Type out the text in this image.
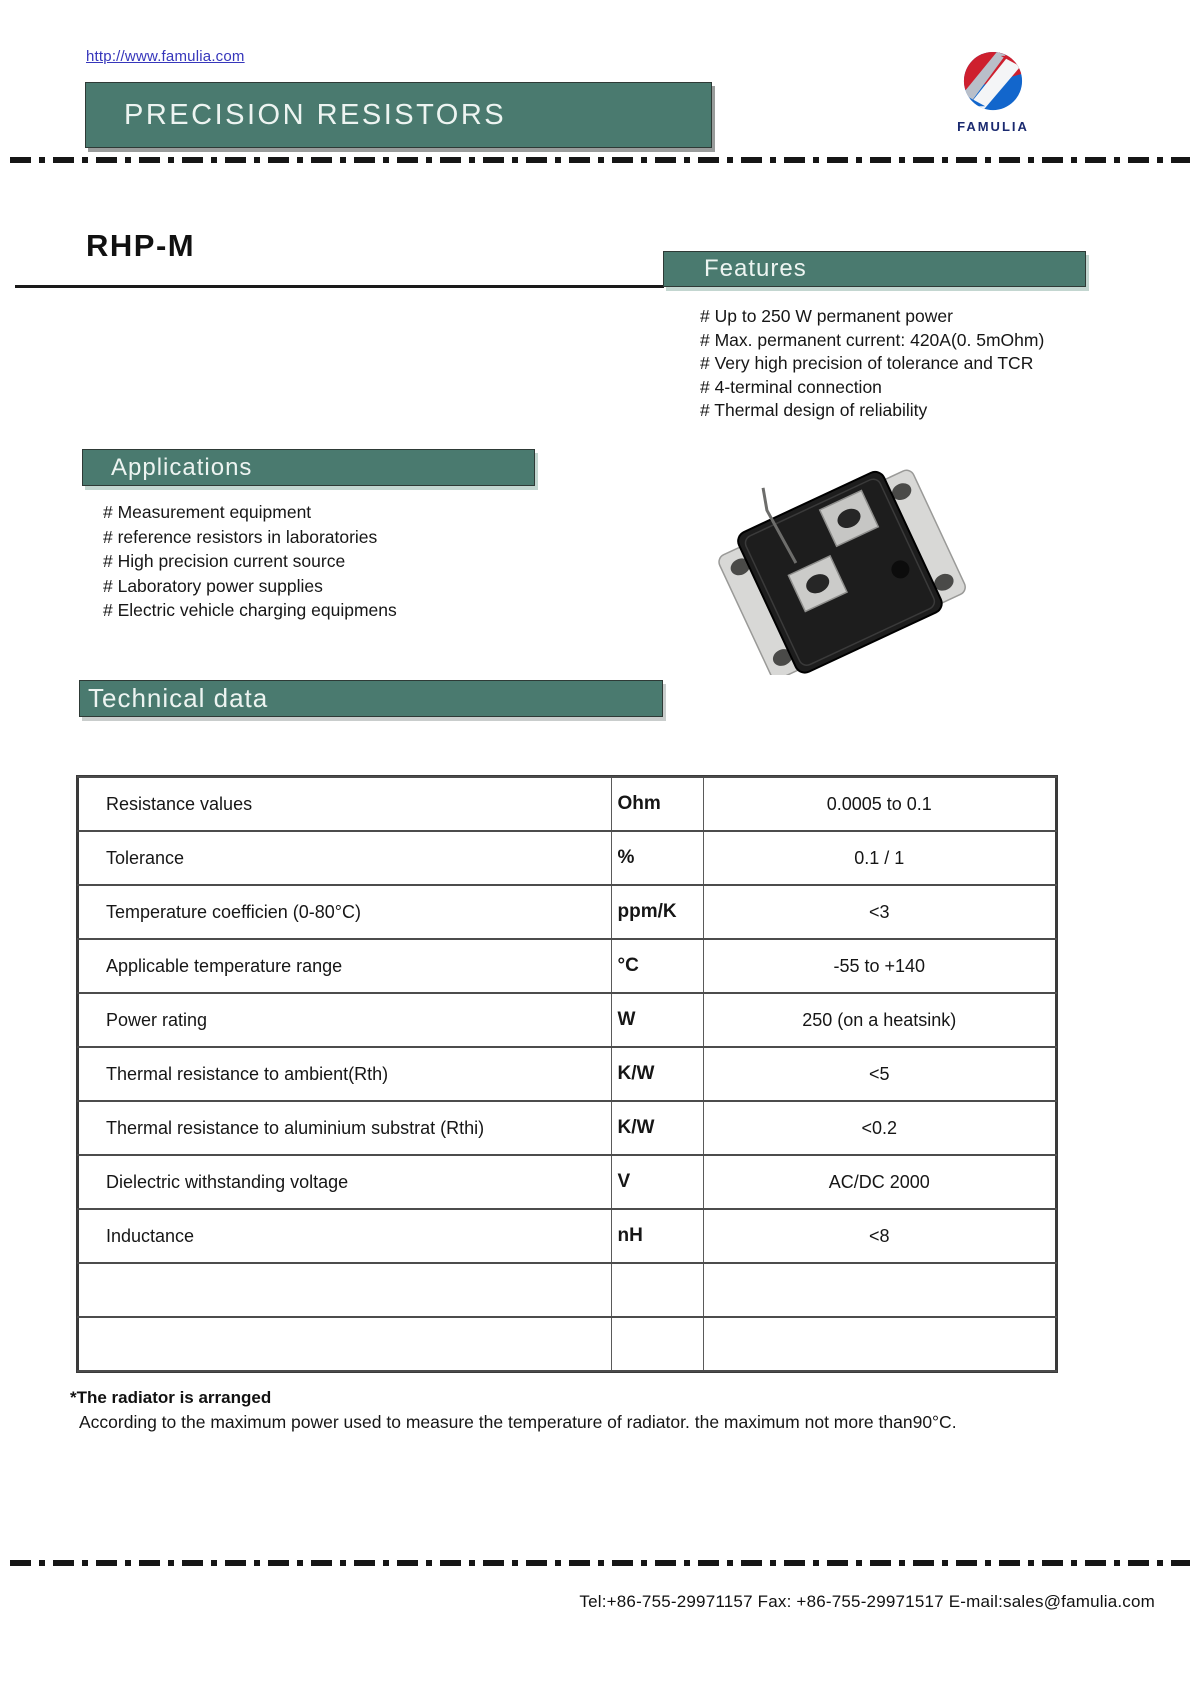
http://www.famulia.com
PRECISION RESISTORS	FAMULIA
RHP-M
Features
# Up to 250 W permanent power
# Max. permanent current: 420A(0. 5mOhm)
# Very high precision of tolerance and TCR
# 4-terminal connection
# Thermal design of reliability
Applications
# Measurement equipment
# reference resistors in laboratories
# High precision current source
# Laboratory power supplies
# Electric vehicle charging equipmens
Technical data
Resistance values	Ohm	0.0005 to 0.1
Tolerance	%	0.1 / 1
Temperature coefficien (0-80°C)	ppm/K	<3
Applicable temperature range	°C	-55 to +140
Power rating	W	250 (on a heatsink)
Thermal resistance to ambient(Rth)	K/W	<5
Thermal resistance to aluminium substrat (Rthi)	K/W	<0.2
Dielectric withstanding voltage	V	AC/DC 2000
Inductance	nH	<8

*The radiator is arranged
According to the maximum power used to measure the temperature of radiator. the maximum not more than90°C.
Tel:+86-755-29971157 Fax: +86-755-29971517 E-mail:sales@famulia.com
